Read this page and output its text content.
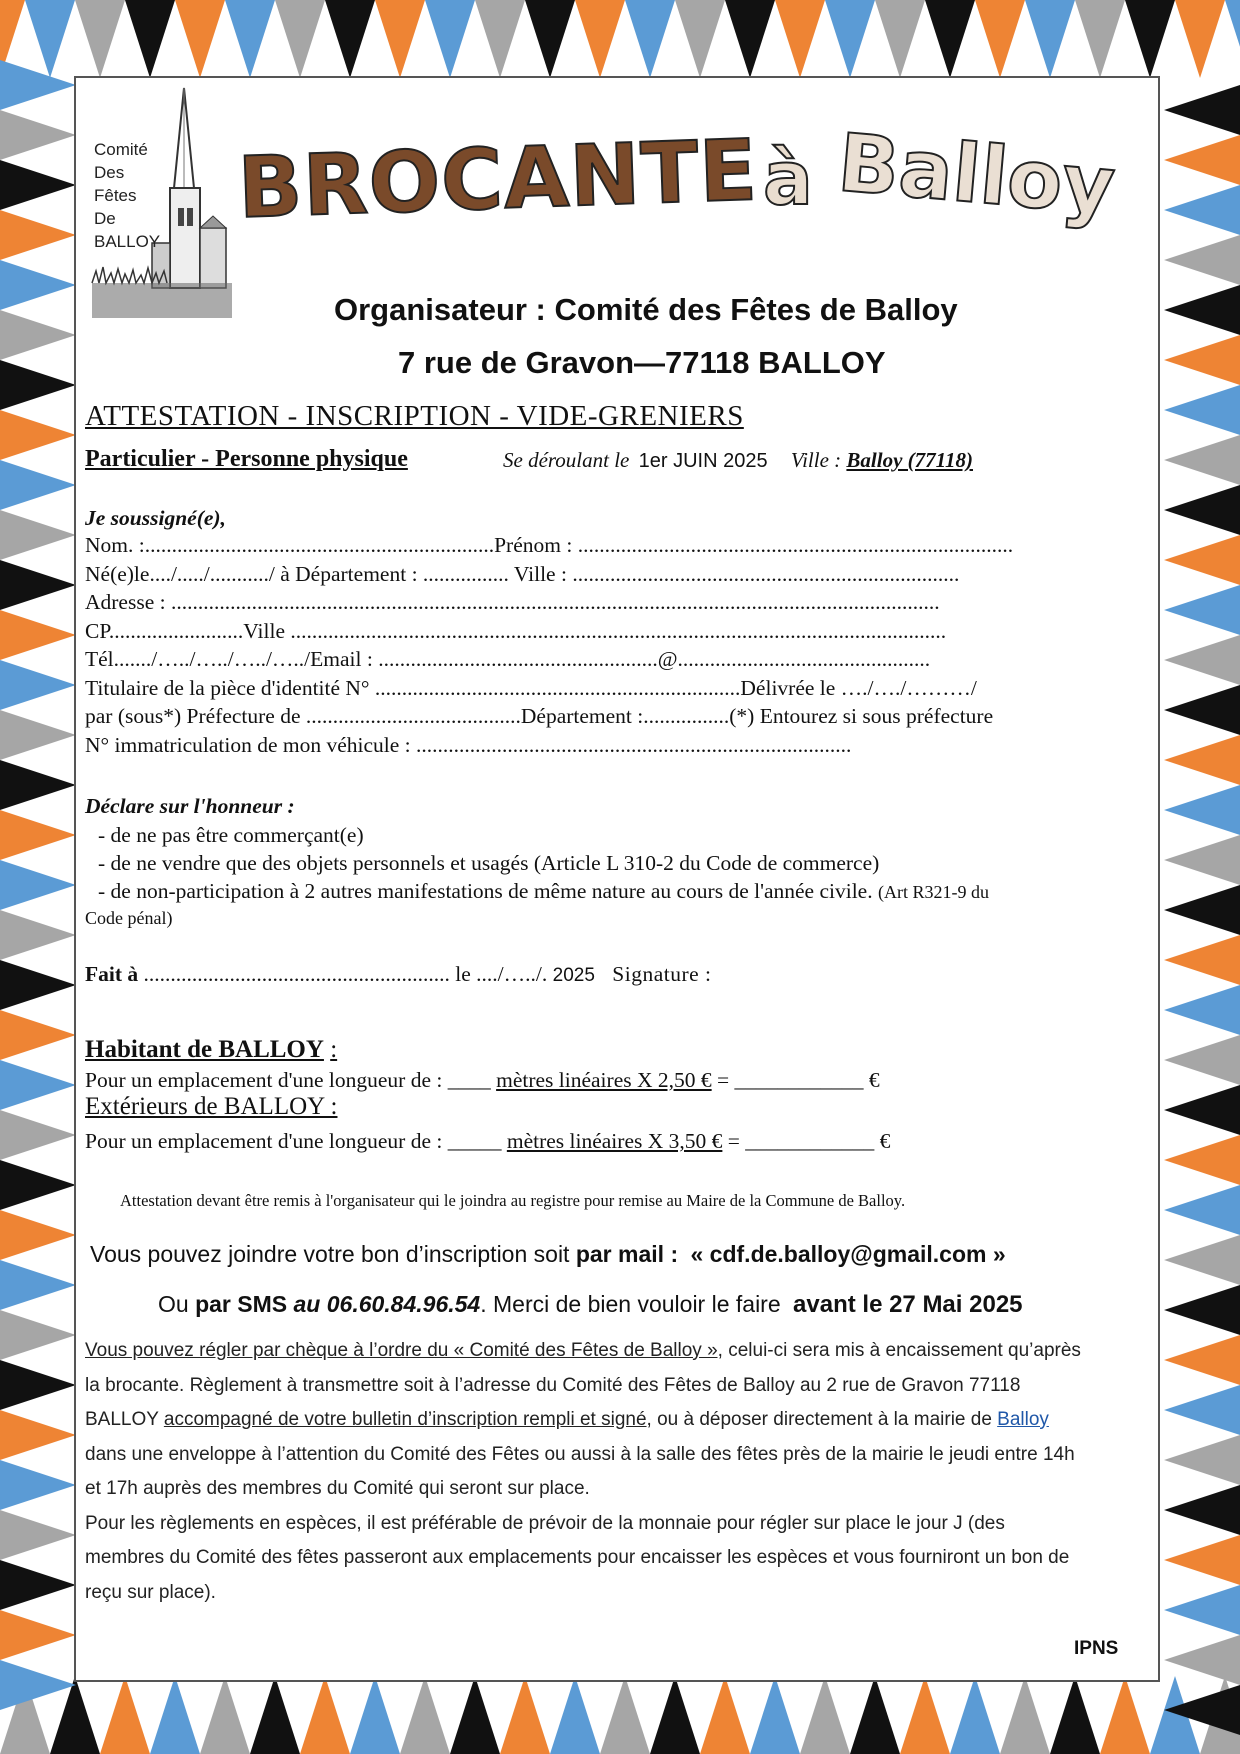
Comité
Des
Fêtes
De
BALLOY
BROCANTE à Balloy
Organisateur : Comité des Fêtes de Balloy
7 rue de Gravon—77118 BALLOY
ATTESTATION - INSCRIPTION - VIDE-GRENIERS
Particulier - Personne physique	Se déroulant le 1er JUIN 2025 Ville : Balloy (77118)
Je soussigné(e),
Nom. :.................................................................Prénom : .................................................................................
Né(e)le..../...../.........../ à Département : ................ Ville : ........................................................................
Adresse : ...............................................................................................................................................
CP.........................Ville ..........................................................................................................................
Tél......./…../…../…../…../Email : ....................................................@...............................................
Titulaire de la pièce d'identité N° ....................................................................Délivrée le …./…./………/
par (sous*) Préfecture de ........................................Département :................(*) Entourez si sous préfecture
N° immatriculation de mon véhicule : .................................................................................
Déclare sur l'honneur :
- de ne pas être commerçant(e)
- de ne vendre que des objets personnels et usagés (Article L 310-2 du Code de commerce)
- de non-participation à 2 autres manifestations de même nature au cours de l'année civile. (Art R321-9 du
Code pénal)
Fait à ......................................................... le ..../…../. 2025 Signature :
Habitant de BALLOY :
Pour un emplacement d'une longueur de : ____ mètres linéaires X 2,50 € = ____________ €
Extérieurs de BALLOY :
Pour un emplacement d'une longueur de : _____ mètres linéaires X 3,50 € = ____________ €
Attestation devant être remis à l'organisateur qui le joindra au registre pour remise au Maire de la Commune de Balloy.
Vous pouvez joindre votre bon d’inscription soit par mail : « cdf.de.balloy@gmail.com »
Ou par SMS au 06.60.84.96.54. Merci de bien vouloir le faire avant le 27 Mai 2025
Vous pouvez régler par chèque à l’ordre du « Comité des Fêtes de Balloy », celui-ci sera mis à encaissement qu’après la brocante. Règlement à transmettre soit à l’adresse du Comité des Fêtes de Balloy au 2 rue de Gravon 77118 BALLOY accompagné de votre bulletin d’inscription rempli et signé, ou à déposer directement à la mairie de Balloy dans une enveloppe à l’attention du Comité des Fêtes ou aussi à la salle des fêtes près de la mairie le jeudi entre 14h et 17h auprès des membres du Comité qui seront sur place.
Pour les règlements en espèces, il est préférable de prévoir de la monnaie pour régler sur place le jour J (des membres du Comité des fêtes passeront aux emplacements pour encaisser les espèces et vous fourniront un bon de reçu sur place).
IPNS
